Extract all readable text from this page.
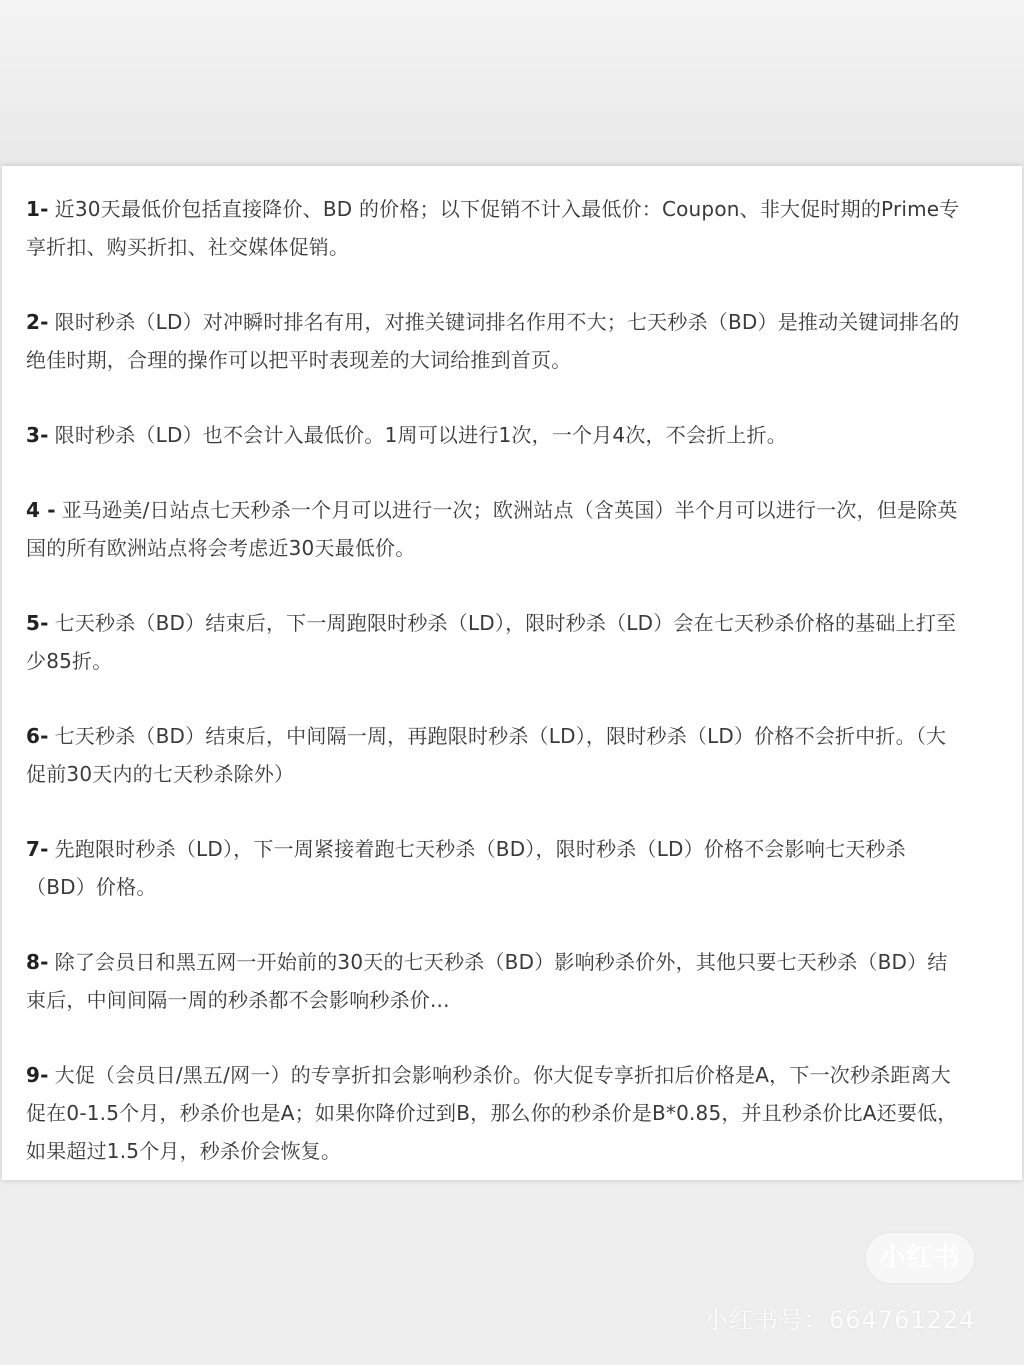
1- 近30天最低价包括直接降价、BD 的价格；以下促销不计入最低价：Coupon、非大促时期的Prime专享折扣、购买折扣、社交媒体促销。
2- 限时秒杀（LD）对冲瞬时排名有用，对推关键词排名作用不大；七天秒杀（BD）是推动关键词排名的绝佳时期，合理的操作可以把平时表现差的大词给推到首页。
3- 限时秒杀（LD）也不会计入最低价。1周可以进行1次，一个月4次，不会折上折。
4 - 亚马逊美/日站点七天秒杀一个月可以进行一次；欧洲站点（含英国）半个月可以进行一次，但是除英国的所有欧洲站点将会考虑近30天最低价。
5- 七天秒杀（BD）结束后，下一周跑限时秒杀（LD），限时秒杀（LD）会在七天秒杀价格的基础上打至少85折。
6- 七天秒杀（BD）结束后，中间隔一周，再跑限时秒杀（LD），限时秒杀（LD）价格不会折中折。（大促前30天内的七天秒杀除外）
7- 先跑限时秒杀（LD），下一周紧接着跑七天秒杀（BD），限时秒杀（LD）价格不会影响七天秒杀（BD）价格。
8- 除了会员日和黑五网一开始前的30天的七天秒杀（BD）影响秒杀价外，其他只要七天秒杀（BD）结束后，中间间隔一周的秒杀都不会影响秒杀价...
9- 大促（会员日/黑五/网一）的专享折扣会影响秒杀价。你大促专享折扣后价格是A，下一次秒杀距离大促在0-1.5个月，秒杀价也是A；如果你降价过到B，那么你的秒杀价是B*0.85，并且秒杀价比A还要低，如果超过1.5个月，秒杀价会恢复。
小红书
小红书号：664761224
